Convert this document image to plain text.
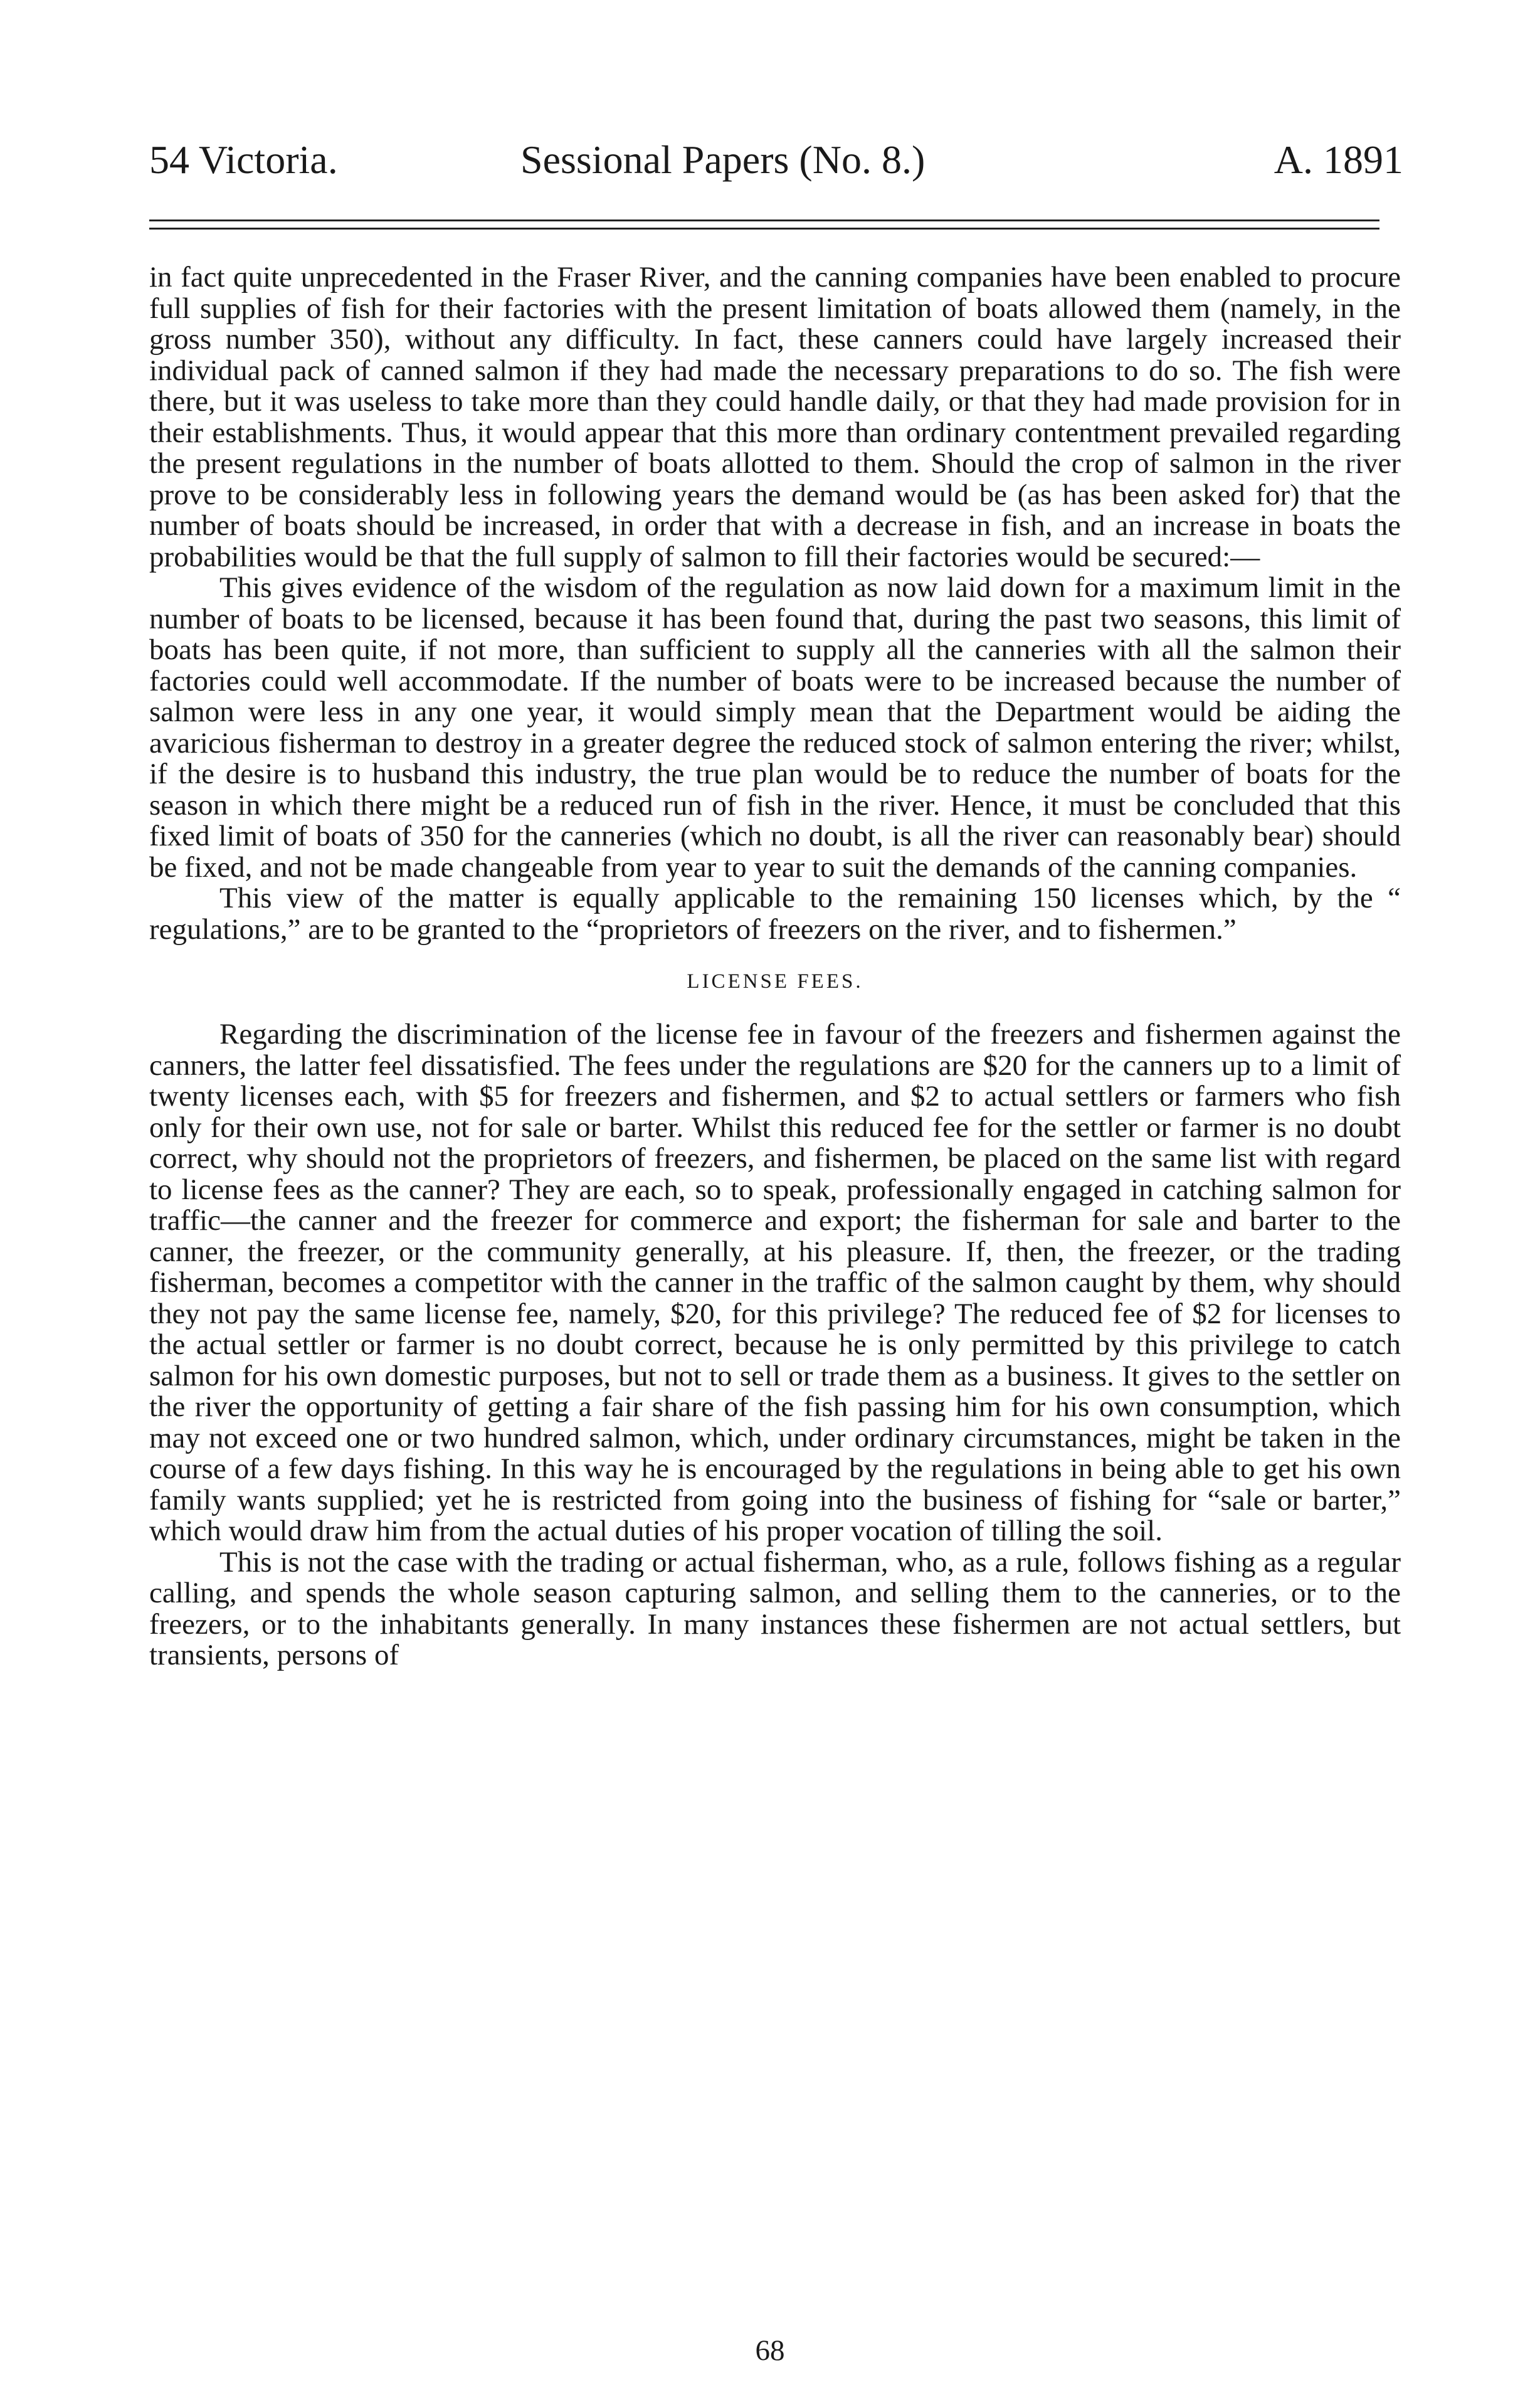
54 Victoria.	Sessional Papers (No. 8.)	A. 1891

in fact quite unprecedented in the Fraser River, and the canning companies have been enabled to procure full supplies of fish for their factories with the present limitation of boats allowed them (namely, in the gross number 350), without any difficulty. In fact, these canners could have largely increased their individual pack of canned salmon if they had made the necessary preparations to do so. The fish were there, but it was useless to take more than they could handle daily, or that they had made provision for in their establishments. Thus, it would appear that this more than ordinary contentment prevailed regarding the present regulations in the number of boats allotted to them. Should the crop of salmon in the river prove to be considerably less in following years the demand would be (as has been asked for) that the number of boats should be increased, in order that with a decrease in fish, and an increase in boats the probabilities would be that the full supply of salmon to fill their factories would be secured:—

This gives evidence of the wisdom of the regulation as now laid down for a maximum limit in the number of boats to be licensed, because it has been found that, during the past two seasons, this limit of boats has been quite, if not more, than sufficient to supply all the canneries with all the salmon their factories could well accommodate. If the number of boats were to be increased because the number of salmon were less in any one year, it would simply mean that the Department would be aiding the avaricious fisherman to destroy in a greater degree the reduced stock of salmon entering the river; whilst, if the desire is to husband this industry, the true plan would be to reduce the number of boats for the season in which there might be a reduced run of fish in the river. Hence, it must be concluded that this fixed limit of boats of 350 for the canneries (which no doubt, is all the river can reasonably bear) should be fixed, and not be made changeable from year to year to suit the demands of the canning companies.

This view of the matter is equally applicable to the remaining 150 licenses which, by the “ regulations,” are to be granted to the “proprietors of freezers on the river, and to fishermen.”

LICENSE FEES.

Regarding the discrimination of the license fee in favour of the freezers and fishermen against the canners, the latter feel dissatisfied. The fees under the regulations are $20 for the canners up to a limit of twenty licenses each, with $5 for freezers and fishermen, and $2 to actual settlers or farmers who fish only for their own use, not for sale or barter. Whilst this reduced fee for the settler or farmer is no doubt correct, why should not the proprietors of freezers, and fishermen, be placed on the same list with regard to license fees as the canner? They are each, so to speak, professionally engaged in catching salmon for traffic—the canner and the freezer for commerce and export; the fisherman for sale and barter to the canner, the freezer, or the community generally, at his pleasure. If, then, the freezer, or the trading fisherman, becomes a competitor with the canner in the traffic of the salmon caught by them, why should they not pay the same license fee, namely, $20, for this privilege? The reduced fee of $2 for licenses to the actual settler or farmer is no doubt correct, because he is only permitted by this privilege to catch salmon for his own domestic purposes, but not to sell or trade them as a business. It gives to the settler on the river the opportunity of getting a fair share of the fish passing him for his own consumption, which may not exceed one or two hundred salmon, which, under ordinary circumstances, might be taken in the course of a few days fishing. In this way he is encouraged by the regulations in being able to get his own family wants supplied; yet he is restricted from going into the business of fishing for “sale or barter,” which would draw him from the actual duties of his proper vocation of tilling the soil.

This is not the case with the trading or actual fisherman, who, as a rule, follows fishing as a regular calling, and spends the whole season capturing salmon, and selling them to the canneries, or to the freezers, or to the inhabitants generally. In many instances these fishermen are not actual settlers, but transients, persons of

68
